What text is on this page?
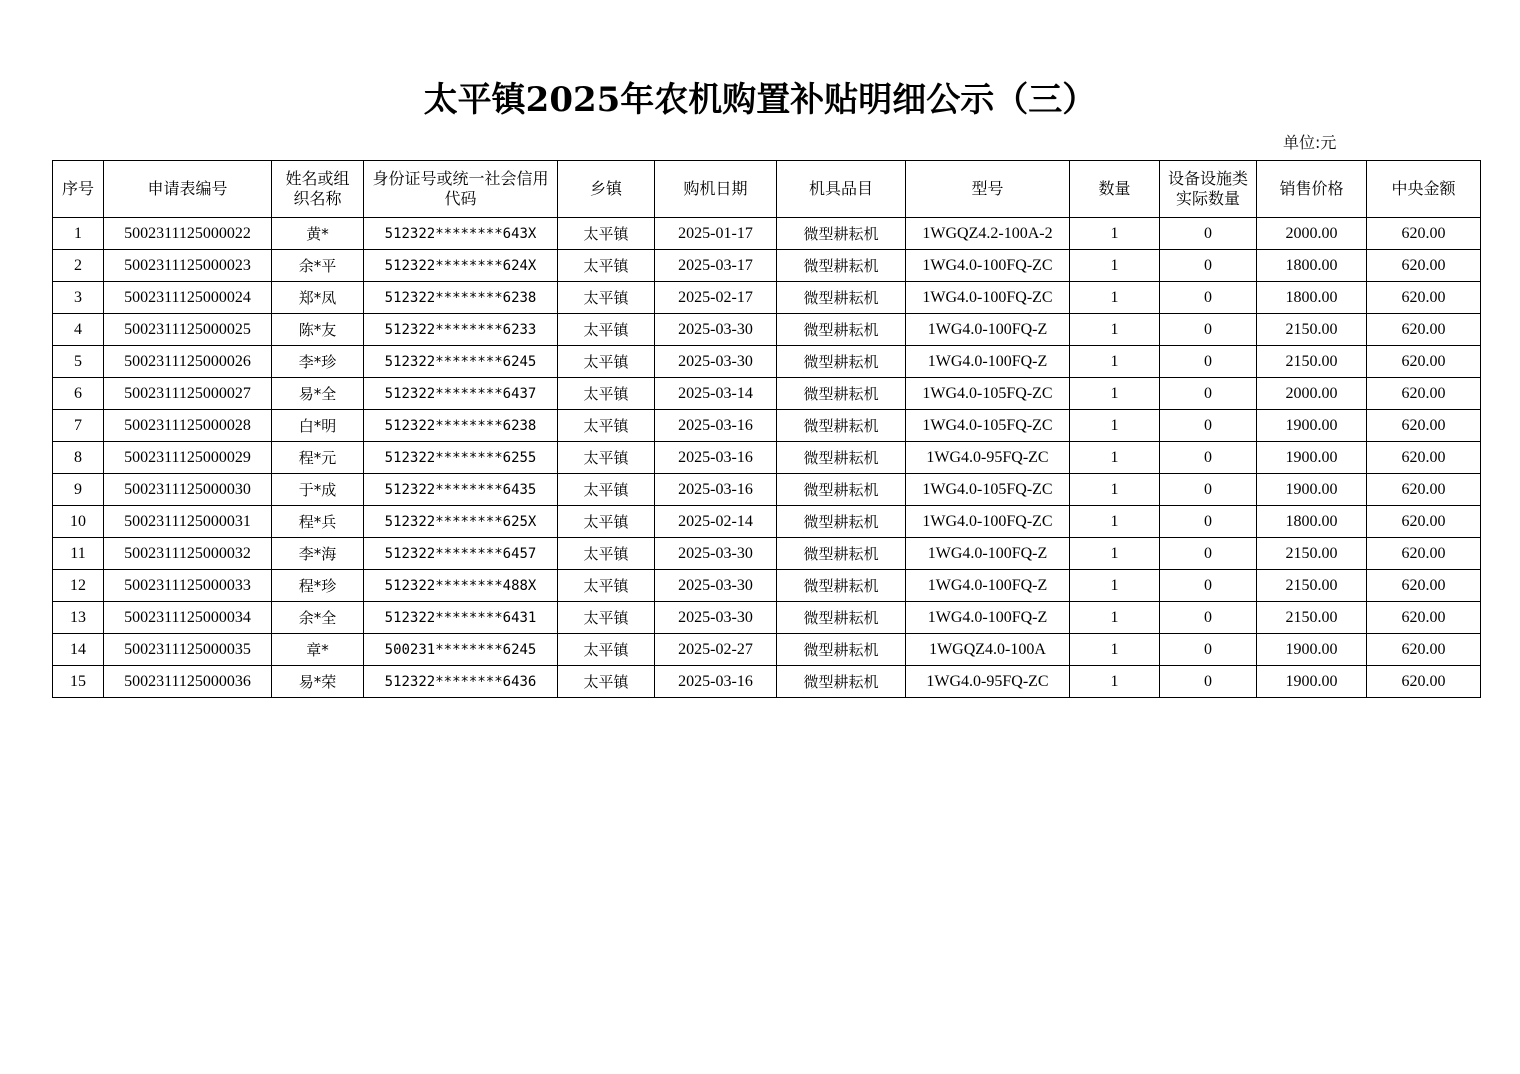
太平镇2025年农机购置补贴明细公示（三）
单位:元
序号	申请表编号	姓名或组织名称	身份证号或统一社会信用代码	乡镇	购机日期	机具品目	型号	数量	设备设施类实际数量	销售价格	中央金额
1	5002311125000022	黄*	512322********643X	太平镇	2025-01-17	微型耕耘机	1WGQZ4.2-100A-2	1	0	2000.00	620.00
2	5002311125000023	余*平	512322********624X	太平镇	2025-03-17	微型耕耘机	1WG4.0-100FQ-ZC	1	0	1800.00	620.00
3	5002311125000024	郑*凤	512322********6238	太平镇	2025-02-17	微型耕耘机	1WG4.0-100FQ-ZC	1	0	1800.00	620.00
4	5002311125000025	陈*友	512322********6233	太平镇	2025-03-30	微型耕耘机	1WG4.0-100FQ-Z	1	0	2150.00	620.00
5	5002311125000026	李*珍	512322********6245	太平镇	2025-03-30	微型耕耘机	1WG4.0-100FQ-Z	1	0	2150.00	620.00
6	5002311125000027	易*全	512322********6437	太平镇	2025-03-14	微型耕耘机	1WG4.0-105FQ-ZC	1	0	2000.00	620.00
7	5002311125000028	白*明	512322********6238	太平镇	2025-03-16	微型耕耘机	1WG4.0-105FQ-ZC	1	0	1900.00	620.00
8	5002311125000029	程*元	512322********6255	太平镇	2025-03-16	微型耕耘机	1WG4.0-95FQ-ZC	1	0	1900.00	620.00
9	5002311125000030	于*成	512322********6435	太平镇	2025-03-16	微型耕耘机	1WG4.0-105FQ-ZC	1	0	1900.00	620.00
10	5002311125000031	程*兵	512322********625X	太平镇	2025-02-14	微型耕耘机	1WG4.0-100FQ-ZC	1	0	1800.00	620.00
11	5002311125000032	李*海	512322********6457	太平镇	2025-03-30	微型耕耘机	1WG4.0-100FQ-Z	1	0	2150.00	620.00
12	5002311125000033	程*珍	512322********488X	太平镇	2025-03-30	微型耕耘机	1WG4.0-100FQ-Z	1	0	2150.00	620.00
13	5002311125000034	余*全	512322********6431	太平镇	2025-03-30	微型耕耘机	1WG4.0-100FQ-Z	1	0	2150.00	620.00
14	5002311125000035	章*	500231********6245	太平镇	2025-02-27	微型耕耘机	1WGQZ4.0-100A	1	0	1900.00	620.00
15	5002311125000036	易*荣	512322********6436	太平镇	2025-03-16	微型耕耘机	1WG4.0-95FQ-ZC	1	0	1900.00	620.00
